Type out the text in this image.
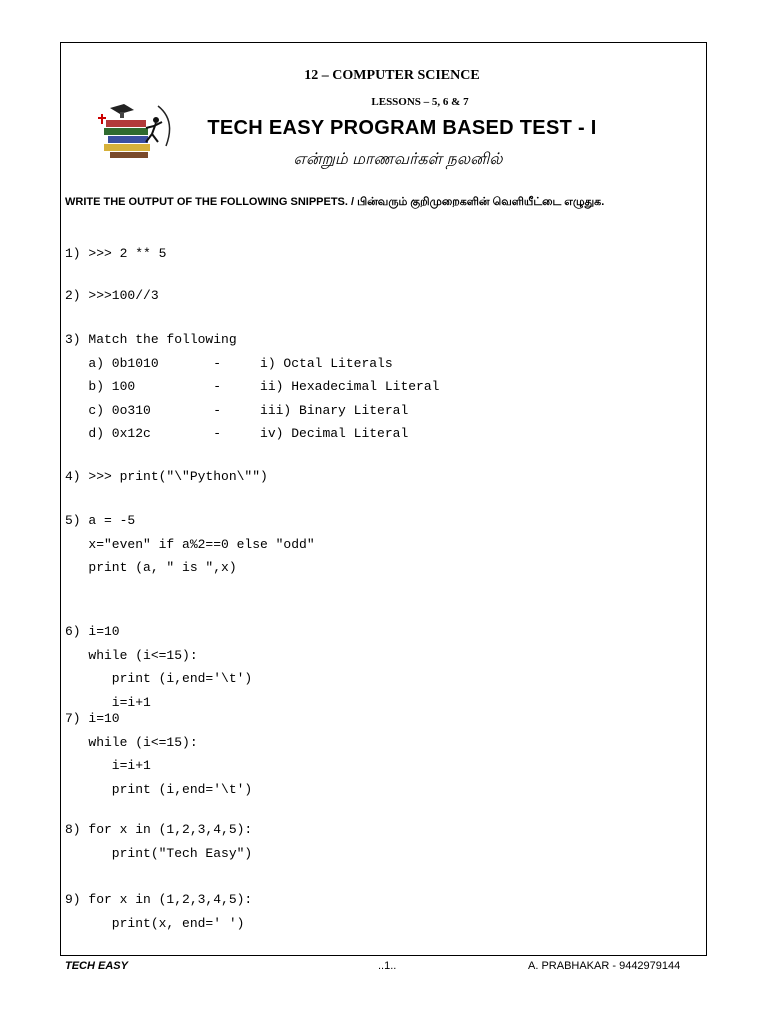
12 – COMPUTER SCIENCE
LESSONS – 5, 6 & 7
TECH EASY PROGRAM BASED TEST - I
என்றும் மாணவர்கள் நலனில்
WRITE THE OUTPUT OF THE FOLLOWING SNIPPETS. / பின்வரும் குறிமுறைகளின் வெளியீட்டை எழுதுக.
1) >>> 2 ** 5
2) >>>100//3
3) Match the following
a) 0b1010       -     i) Octal Literals
b) 100          -     ii) Hexadecimal Literal
c) 0o310        -     iii) Binary Literal
d) 0x12c        -     iv) Decimal Literal
4) >>> print("\"Python\"")
5) a = -5
x="even" if a%2==0 else "odd"
print (a, " is ",x)
6) i=10
while (i<=15):
print (i,end='\t')
i=i+1
7) i=10
while (i<=15):
i=i+1
print (i,end='\t')
8) for x in (1,2,3,4,5):
print("Tech Easy")
9) for x in (1,2,3,4,5):
print(x, end=' ')
TECH EASY	..1..	A. PRABHAKAR - 9442979144
